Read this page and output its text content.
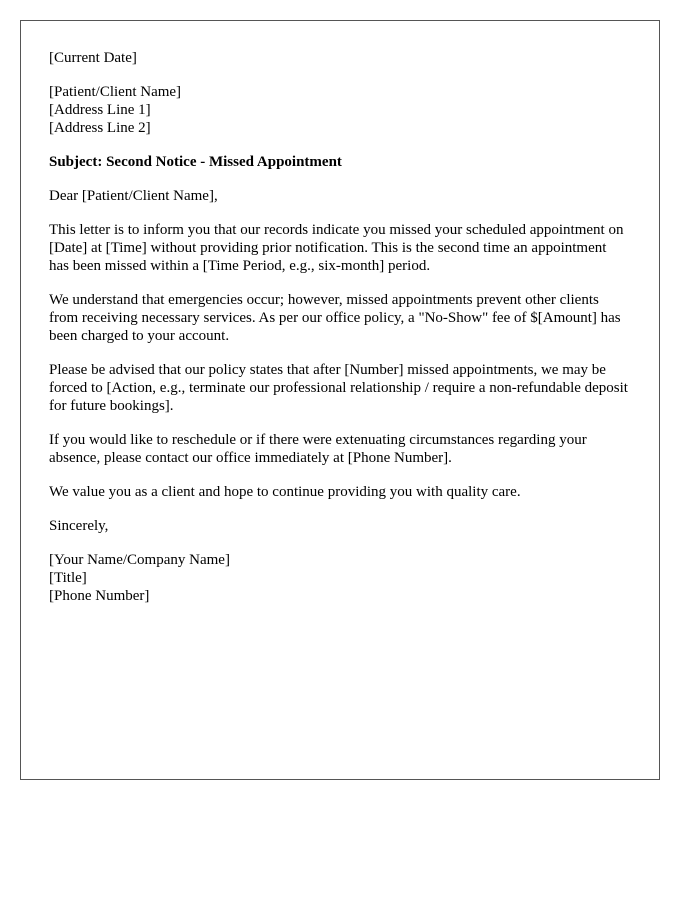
[Current Date]

[Patient/Client Name]
[Address Line 1]
[Address Line 2]

Subject: Second Notice - Missed Appointment

Dear [Patient/Client Name],

This letter is to inform you that our records indicate you missed your scheduled appointment on [Date] at [Time] without providing prior notification. This is the second time an appointment has been missed within a [Time Period, e.g., six-month] period.

We understand that emergencies occur; however, missed appointments prevent other clients from receiving necessary services. As per our office policy, a "No-Show" fee of $[Amount] has been charged to your account.

Please be advised that our policy states that after [Number] missed appointments, we may be forced to [Action, e.g., terminate our professional relationship / require a non-refundable deposit for future bookings].

If you would like to reschedule or if there were extenuating circumstances regarding your absence, please contact our office immediately at [Phone Number].

We value you as a client and hope to continue providing you with quality care.

Sincerely,

[Your Name/Company Name]
[Title]
[Phone Number]
